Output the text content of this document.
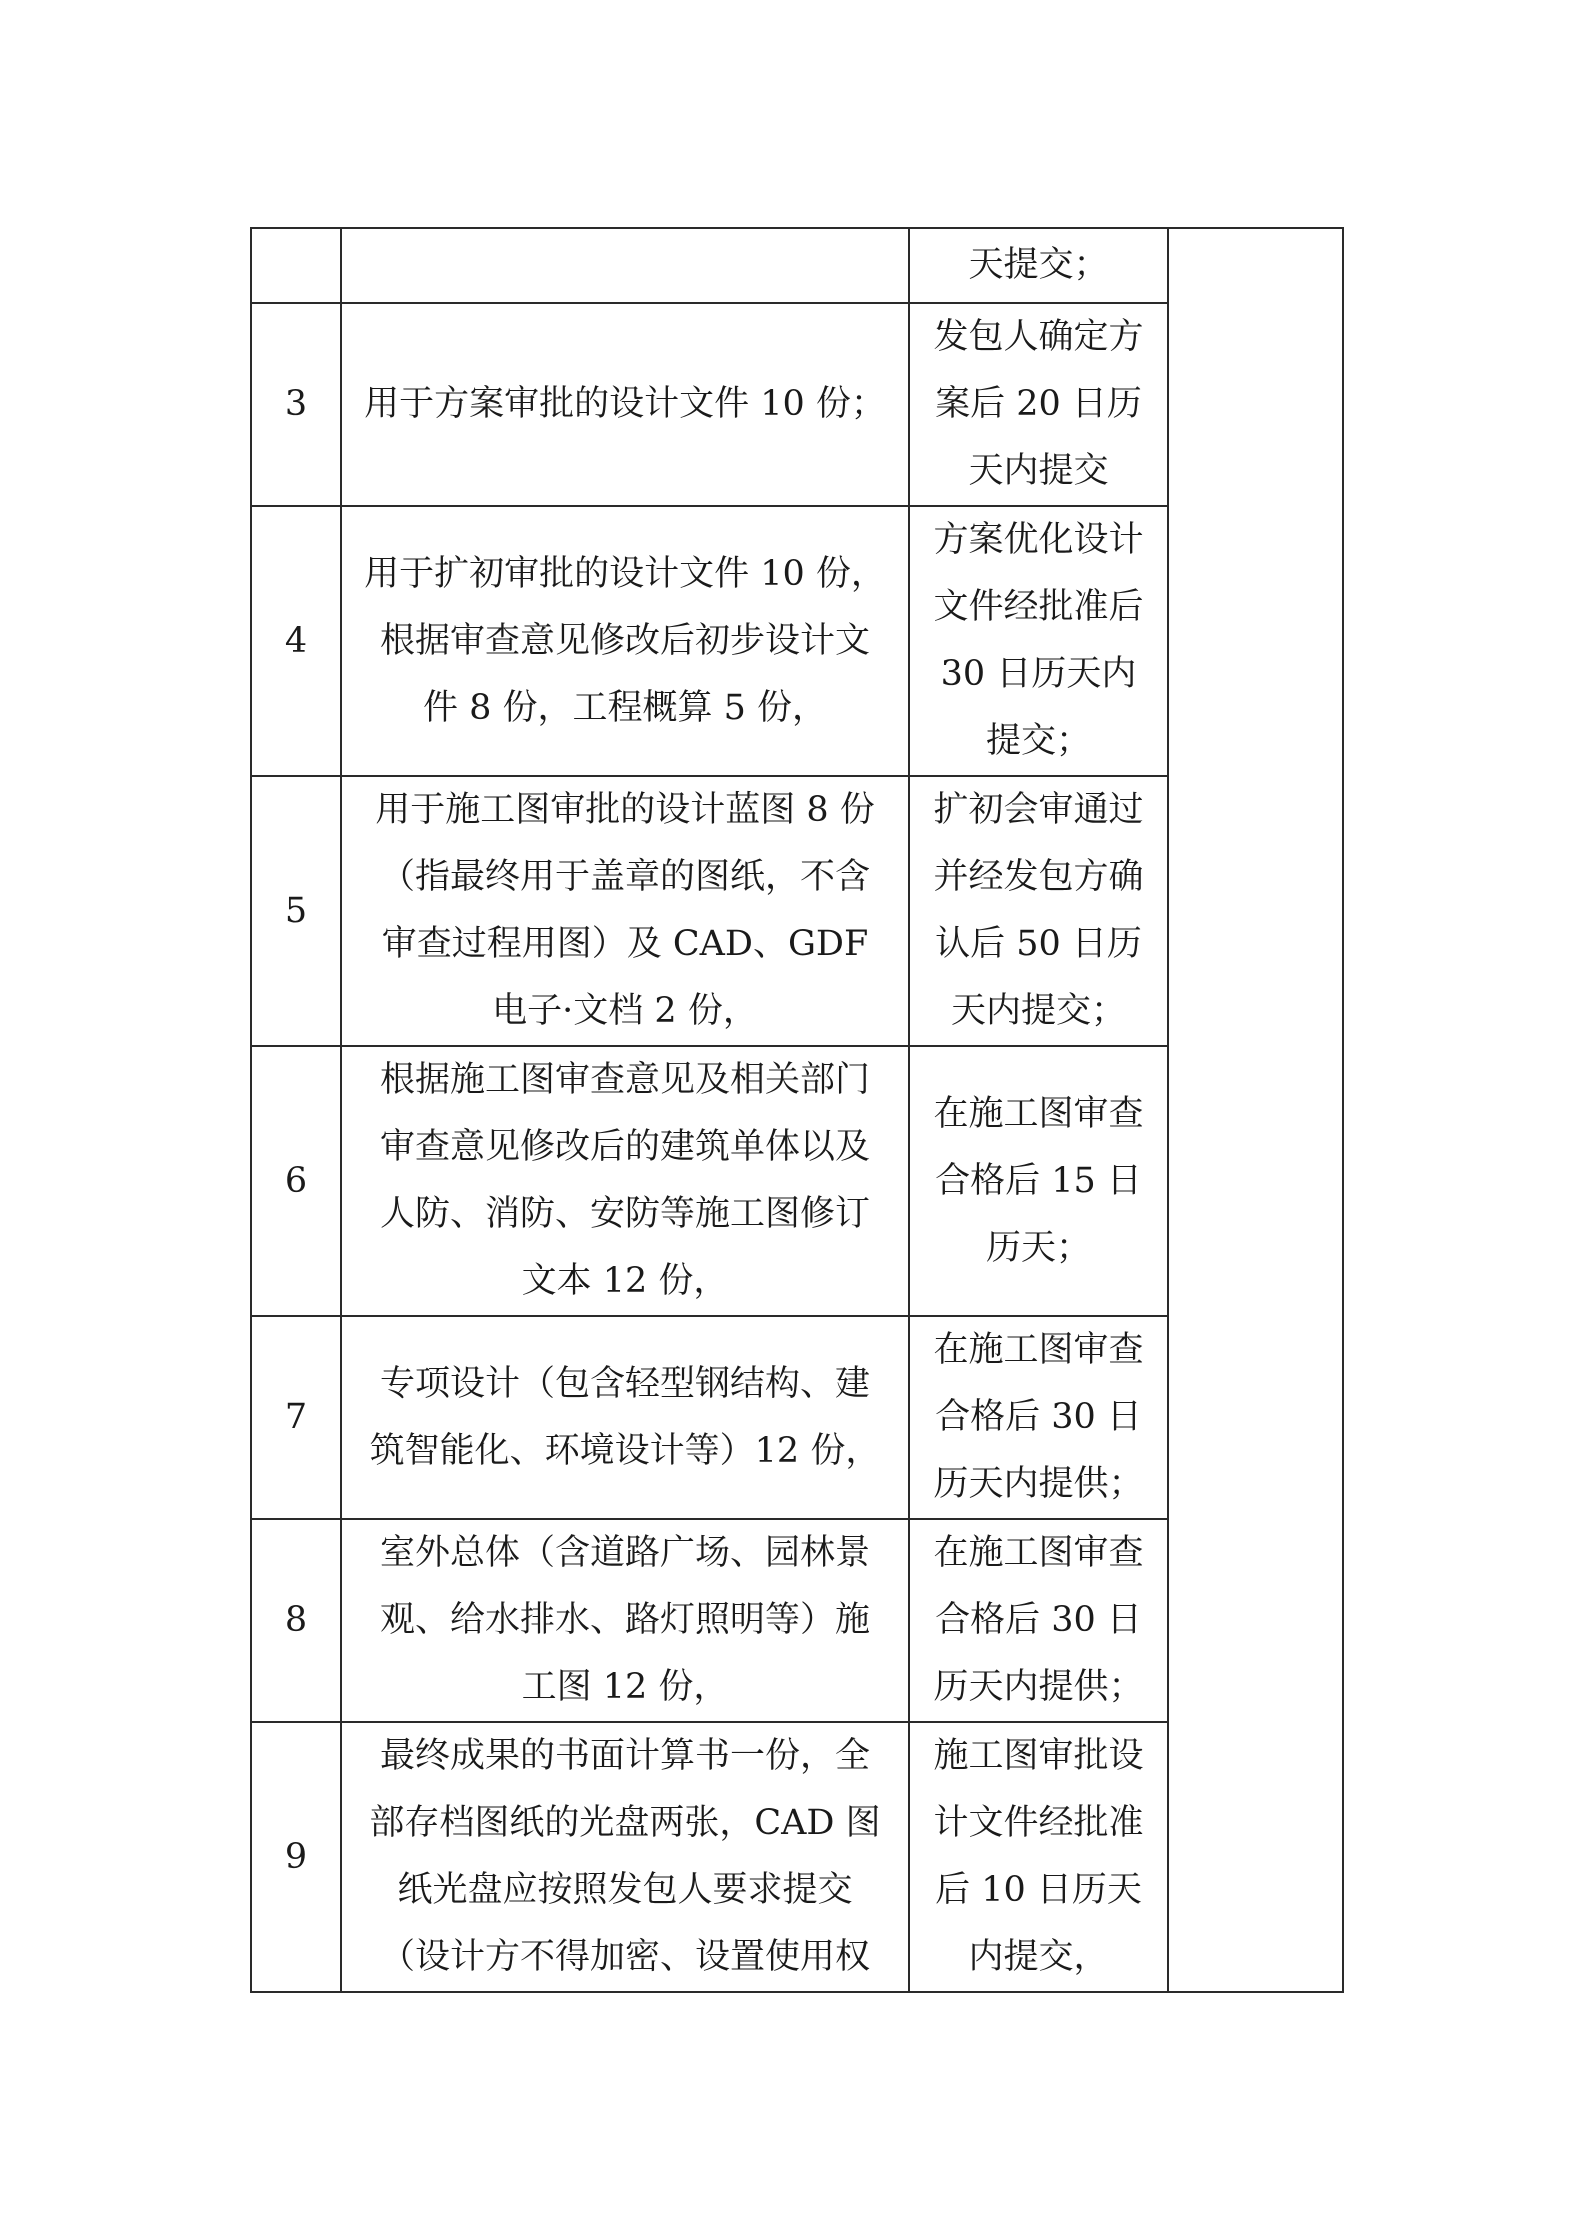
		天提交；	

3	用于方案审批的设计文件 10 份；	发包人确定方
案后 20 日历
天内提交	

4	用于扩初审批的设计文件 10 份，
根据审查意见修改后初步设计文
件 8 份，工程概算 5 份，	方案优化设计
文件经批准后
30 日历天内
提交；	

5	用于施工图审批的设计蓝图 8 份
（指最终用于盖章的图纸，不含
审查过程用图）及 CAD、GDF
电子·文档 2 份，	扩初会审通过
并经发包方确
认后 50 日历
天内提交；	

6	根据施工图审查意见及相关部门
审查意见修改后的建筑单体以及
人防、消防、安防等施工图修订
文本 12 份，	在施工图审查
合格后 15 日
历天；	

7	专项设计（包含轻型钢结构、建
筑智能化、环境设计等）12 份，	在施工图审查
合格后 30 日
历天内提供；	

8	室外总体（含道路广场、园林景
观、给水排水、路灯照明等）施
工图 12 份，	在施工图审查
合格后 30 日
历天内提供；	

9	最终成果的书面计算书一份，全
部存档图纸的光盘两张，CAD 图
纸光盘应按照发包人要求提交
（设计方不得加密、设置使用权	施工图审批设
计文件经批准
后 10 日历天
内提交，	
